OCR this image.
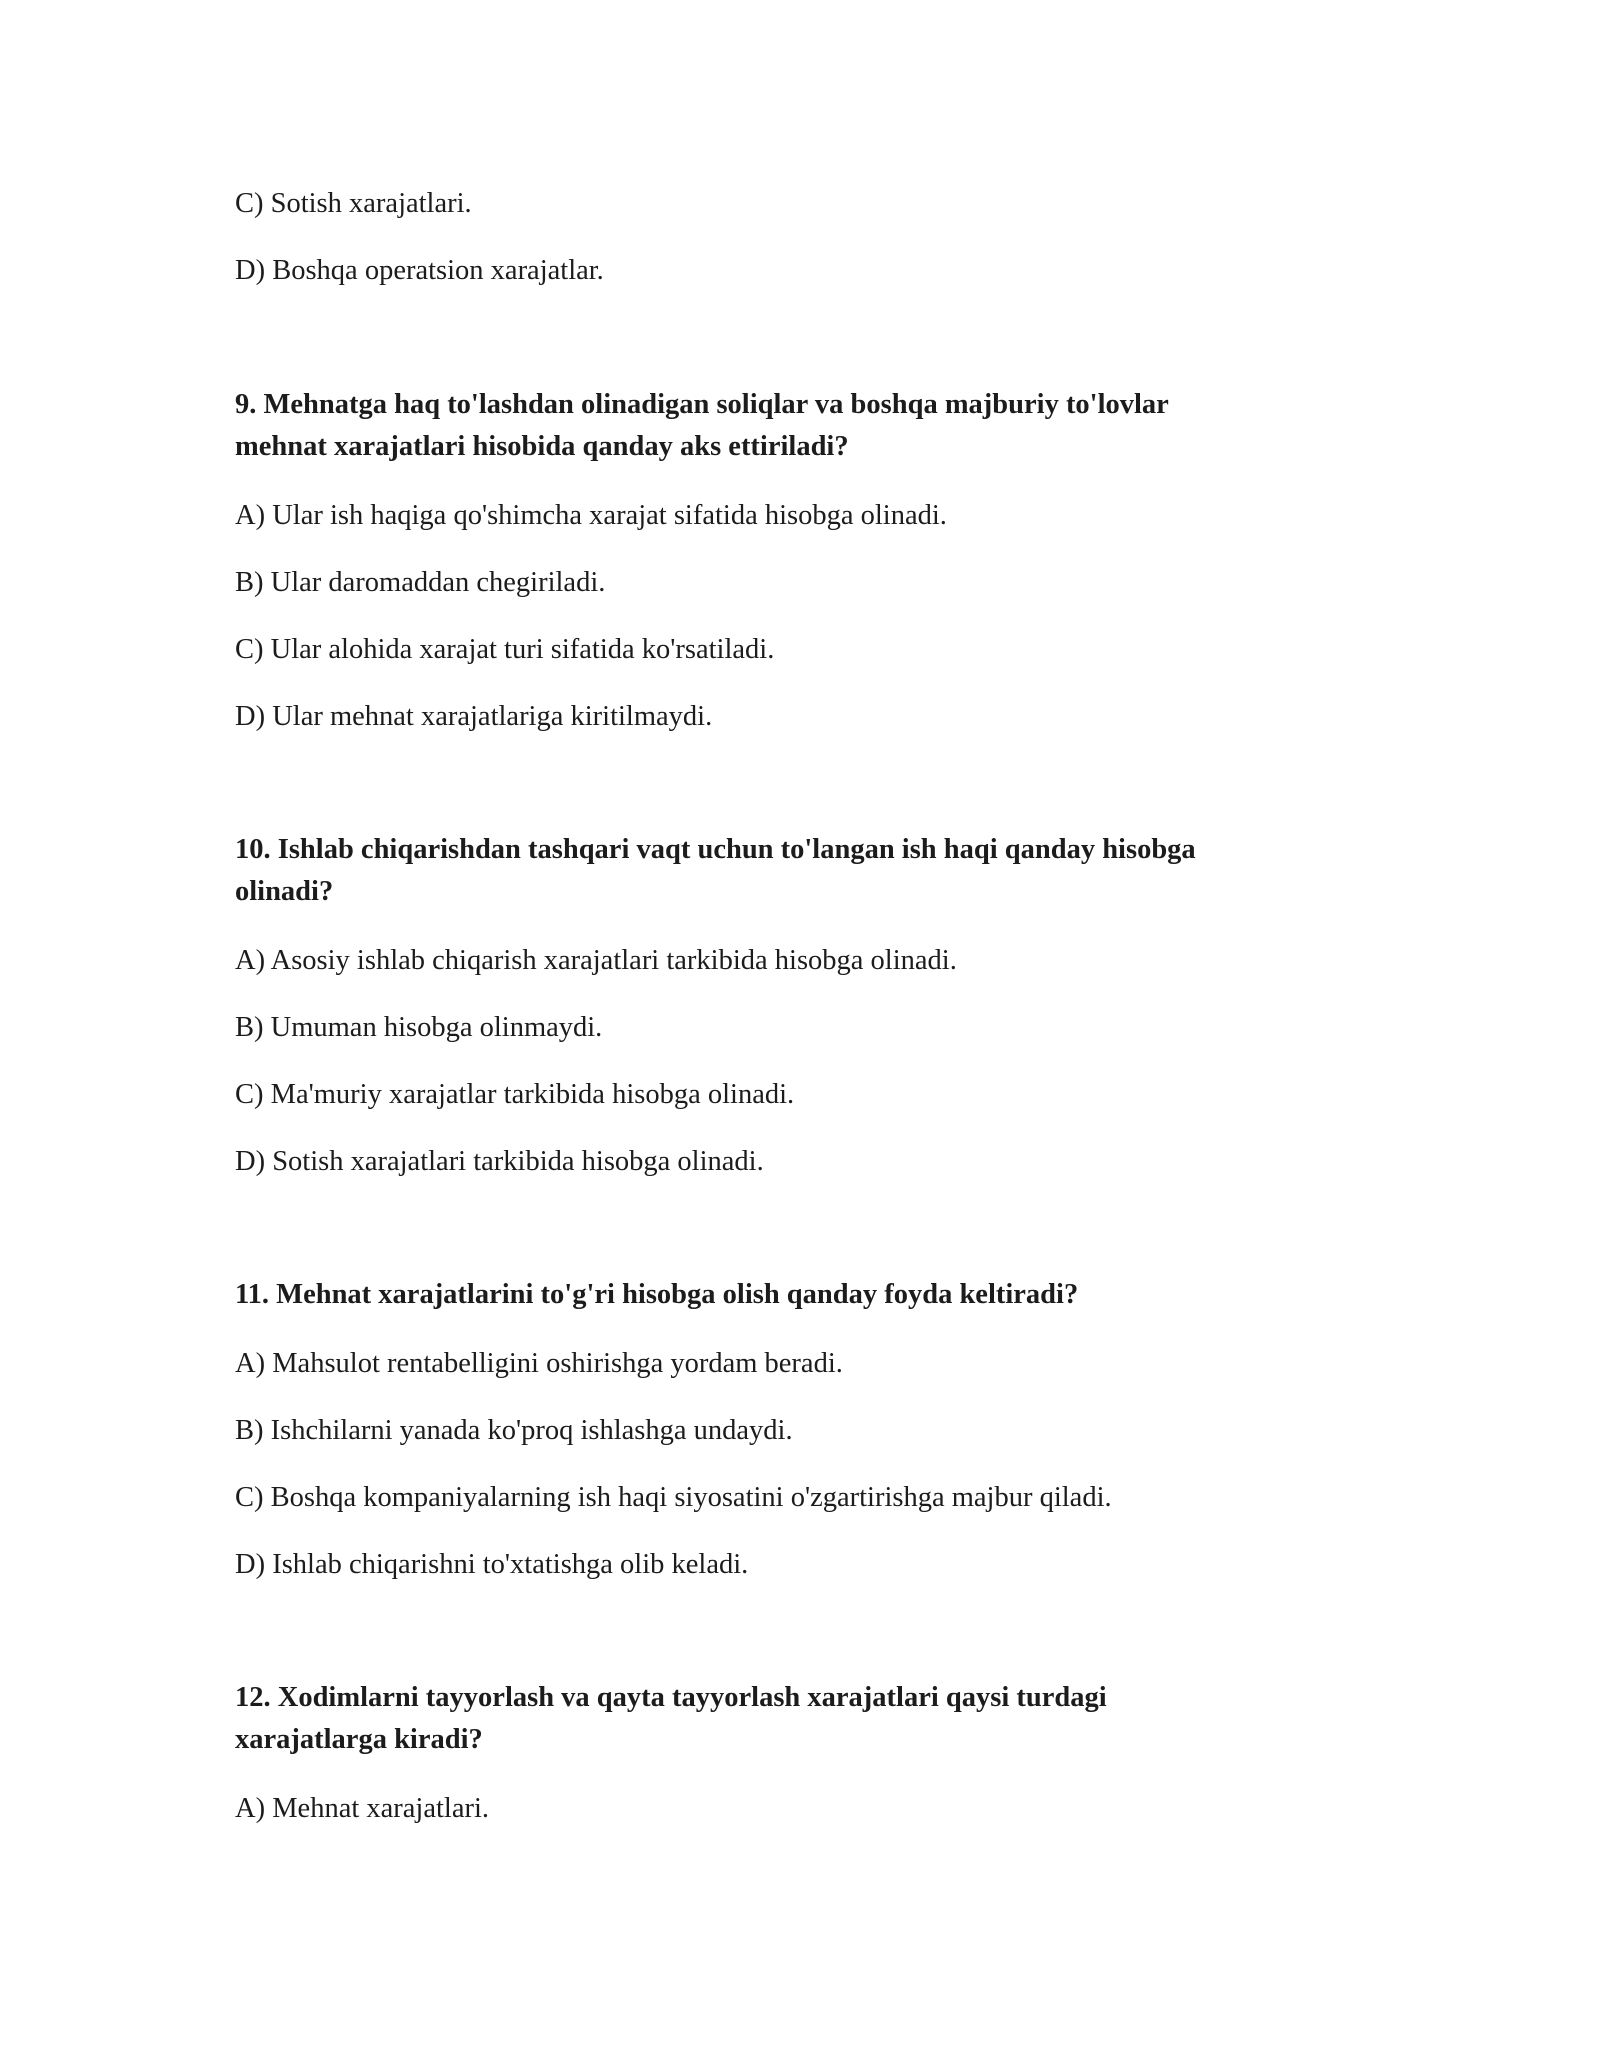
C) Sotish xarajatlari.
D) Boshqa operatsion xarajatlar.
9. Mehnatga haq to'lashdan olinadigan soliqlar va boshqa majburiy to'lovlar
mehnat xarajatlari hisobida qanday aks ettiriladi?
A) Ular ish haqiga qo'shimcha xarajat sifatida hisobga olinadi.
B) Ular daromaddan chegiriladi.
C) Ular alohida xarajat turi sifatida ko'rsatiladi.
D) Ular mehnat xarajatlariga kiritilmaydi.
10. Ishlab chiqarishdan tashqari vaqt uchun to'langan ish haqi qanday hisobga
olinadi?
A) Asosiy ishlab chiqarish xarajatlari tarkibida hisobga olinadi.
B) Umuman hisobga olinmaydi.
C) Ma'muriy xarajatlar tarkibida hisobga olinadi.
D) Sotish xarajatlari tarkibida hisobga olinadi.
11. Mehnat xarajatlarini to'g'ri hisobga olish qanday foyda keltiradi?
A) Mahsulot rentabelligini oshirishga yordam beradi.
B) Ishchilarni yanada ko'proq ishlashga undaydi.
C) Boshqa kompaniyalarning ish haqi siyosatini o'zgartirishga majbur qiladi.
D) Ishlab chiqarishni to'xtatishga olib keladi.
12. Xodimlarni tayyorlash va qayta tayyorlash xarajatlari qaysi turdagi
xarajatlarga kiradi?
A) Mehnat xarajatlari.
